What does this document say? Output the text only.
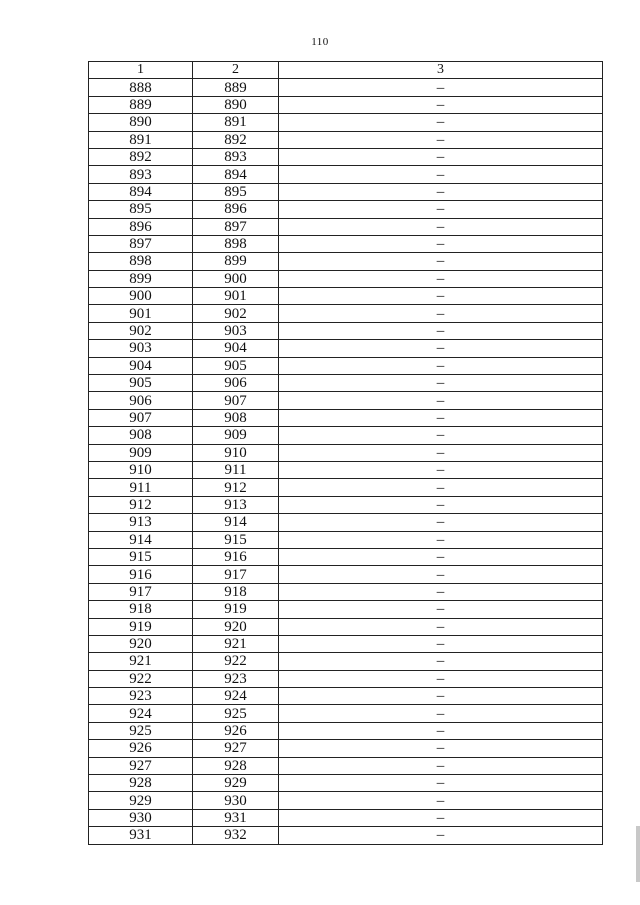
110
1	2	3
888	889	–
889	890	–
890	891	–
891	892	–
892	893	–
893	894	–
894	895	–
895	896	–
896	897	–
897	898	–
898	899	–
899	900	–
900	901	–
901	902	–
902	903	–
903	904	–
904	905	–
905	906	–
906	907	–
907	908	–
908	909	–
909	910	–
910	911	–
911	912	–
912	913	–
913	914	–
914	915	–
915	916	–
916	917	–
917	918	–
918	919	–
919	920	–
920	921	–
921	922	–
922	923	–
923	924	–
924	925	–
925	926	–
926	927	–
927	928	–
928	929	–
929	930	–
930	931	–
931	932	–
